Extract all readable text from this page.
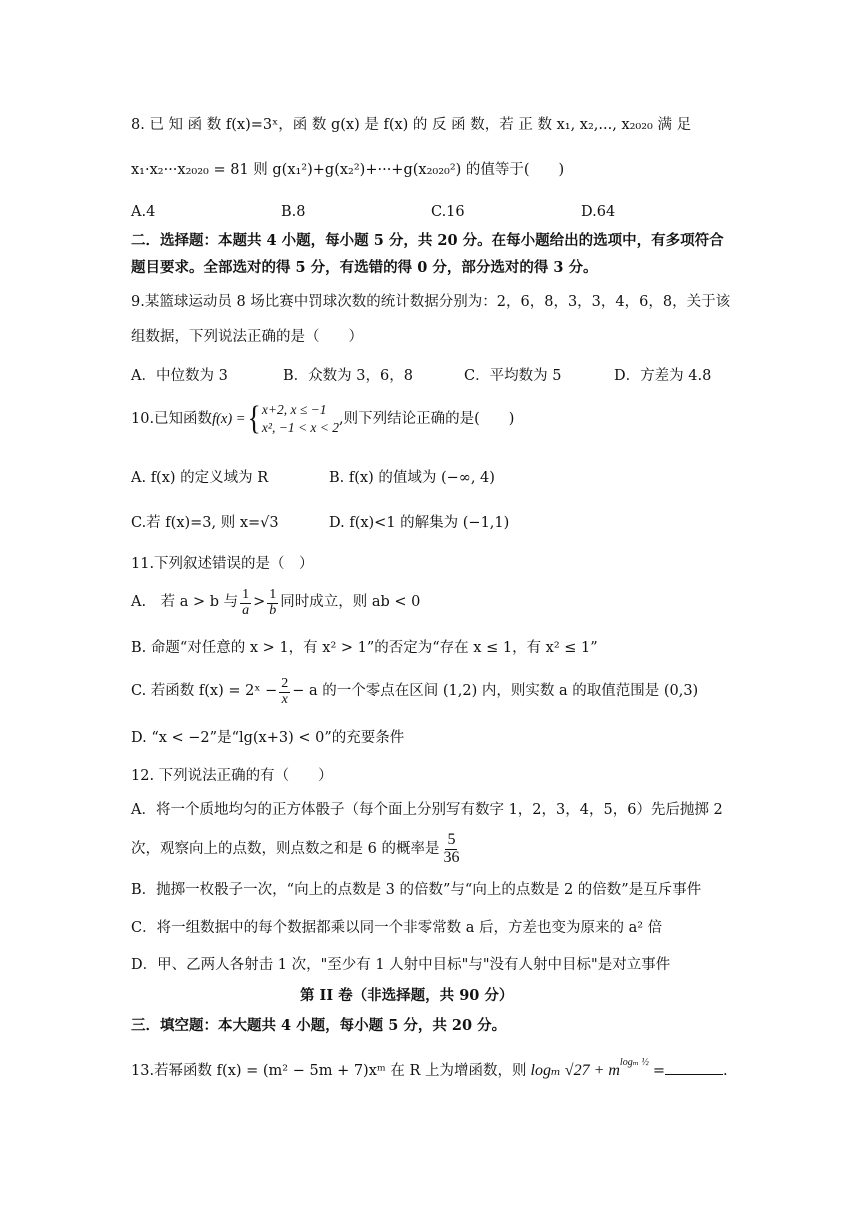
8. 已 知 函 数 f(x)=3ˣ，函 数 g(x) 是 f(x) 的 反 函 数，若 正 数 x₁, x₂,..., x₂₀₂₀ 满 足
x₁·x₂···x₂₀₂₀ = 81 则 g(x₁²)+g(x₂²)+···+g(x₂₀₂₀²) 的值等于(　　)
A.4	B.8	C.16	D.64
二．选择题：本题共 4 小题，每小题 5 分，共 20 分。在每小题给出的选项中，有多项符合
题目要求。全部选对的得 5 分，有选错的得 0 分，部分选对的得 3 分。
9.某篮球运动员 8 场比赛中罚球次数的统计数据分别为：2，6，8，3，3，4，6，8，关于该
组数据，下列说法正确的是（　　）
A．中位数为 3	B．众数为 3，6，8	C．平均数为 5	D．方差为 4.8
10.已知函数 f(x) = { x+2, x ≤ −1
x², −1 < x < 2
,则下列结论正确的是(　　)
A. f(x) 的定义域为 R	B. f(x) 的值域为 (−∞, 4)
C.若 f(x)=3, 则 x=√3	D. f(x)<1 的解集为 (−1,1)
11.下列叙述错误的是（　）
A.　若 a > b 与 $\frac{1}{a} > \frac{1}{b}$ 同时成立，则 ab < 0
B. 命题“对任意的 x > 1，有 x² > 1”的否定为“存在 x ≤ 1，有 x² ≤ 1”
C. 若函数 f(x) = 2ˣ − $\frac{2}{x} - a$ 的一个零点在区间 (1,2) 内，则实数 a 的取值范围是 (0,3)
D. “x < −2”是“lg(x+3) < 0”的充要条件
12. 下列说法正确的有（　　）
A．将一个质地均匀的正方体骰子（每个面上分别写有数字 1，2，3，4，5，6）先后抛掷 2
次，观察向上的点数，则点数之和是 6 的概率是 $\frac{5}{36}$
B．抛掷一枚骰子一次，“向上的点数是 3 的倍数”与“向上的点数是 2 的倍数”是互斥事件
C．将一组数据中的每个数据都乘以同一个非零常数 a 后，方差也变为原来的 a² 倍
D．甲、乙两人各射击 1 次，"至少有 1 人射中目标"与"没有人射中目标"是对立事件
第 II 卷（非选择题，共 90 分）
三．填空题：本大题共 4 小题，每小题 5 分，共 20 分。
13.若幂函数 f(x) = (m² − 5m + 7)xᵐ 在 R 上为增函数，则 logₘ $√27 + m^{log_m \frac{1}{2}}$
=	.
